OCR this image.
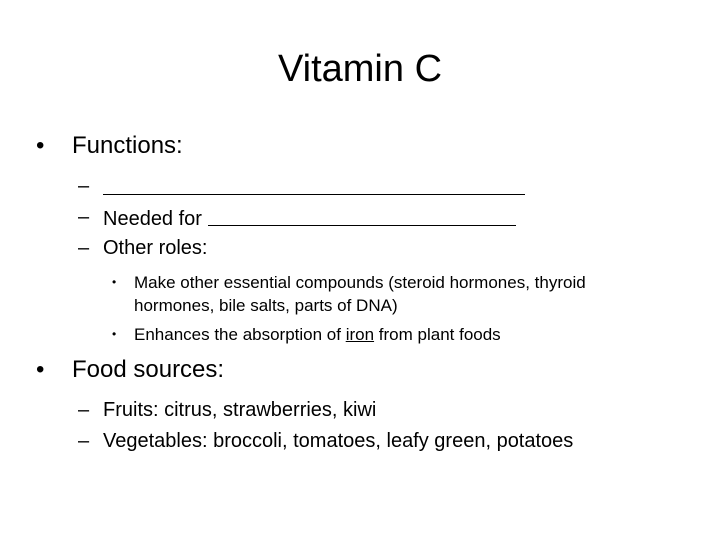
Vitamin C
•	Functions:
–
– Needed for
– Other roles:
• Make other essential compounds (steroid hormones, thyroid
hormones, bile salts, parts of DNA)
• Enhances the absorption of iron from plant foods
•	Food sources:
– Fruits: citrus, strawberries, kiwi
– Vegetables: broccoli, tomatoes, leafy green, potatoes
